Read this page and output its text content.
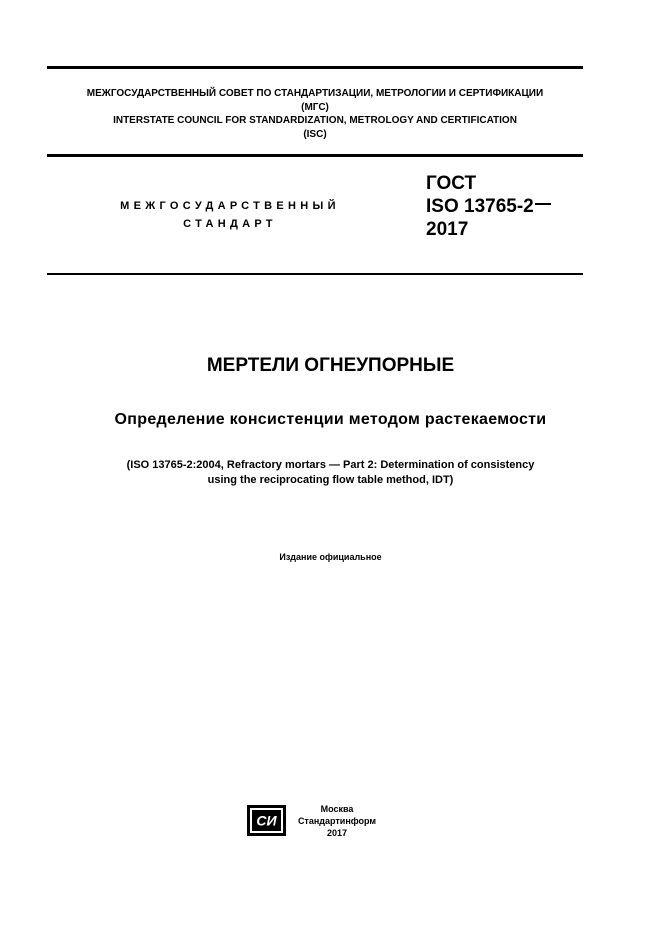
МЕЖГОСУДАРСТВЕННЫЙ СОВЕТ ПО СТАНДАРТИЗАЦИИ, МЕТРОЛОГИИ И СЕРТИФИКАЦИИ
(МГС)
INTERSTATE COUNCIL FOR STANDARDIZATION, METROLOGY AND CERTIFICATION
(ISC)
МЕЖГОСУДАРСТВЕННЫЙ
СТАНДАРТ
ГОСТ
ISO 13765-2
2017
МЕРТЕЛИ ОГНЕУПОРНЫЕ
Определение консистенции методом растекаемости
(ISO 13765-2:2004, Refractory mortars — Part 2: Determination of consistency
using the reciprocating flow table method, IDT)
Издание официальное
СИ
Москва
Стандартинформ
2017
